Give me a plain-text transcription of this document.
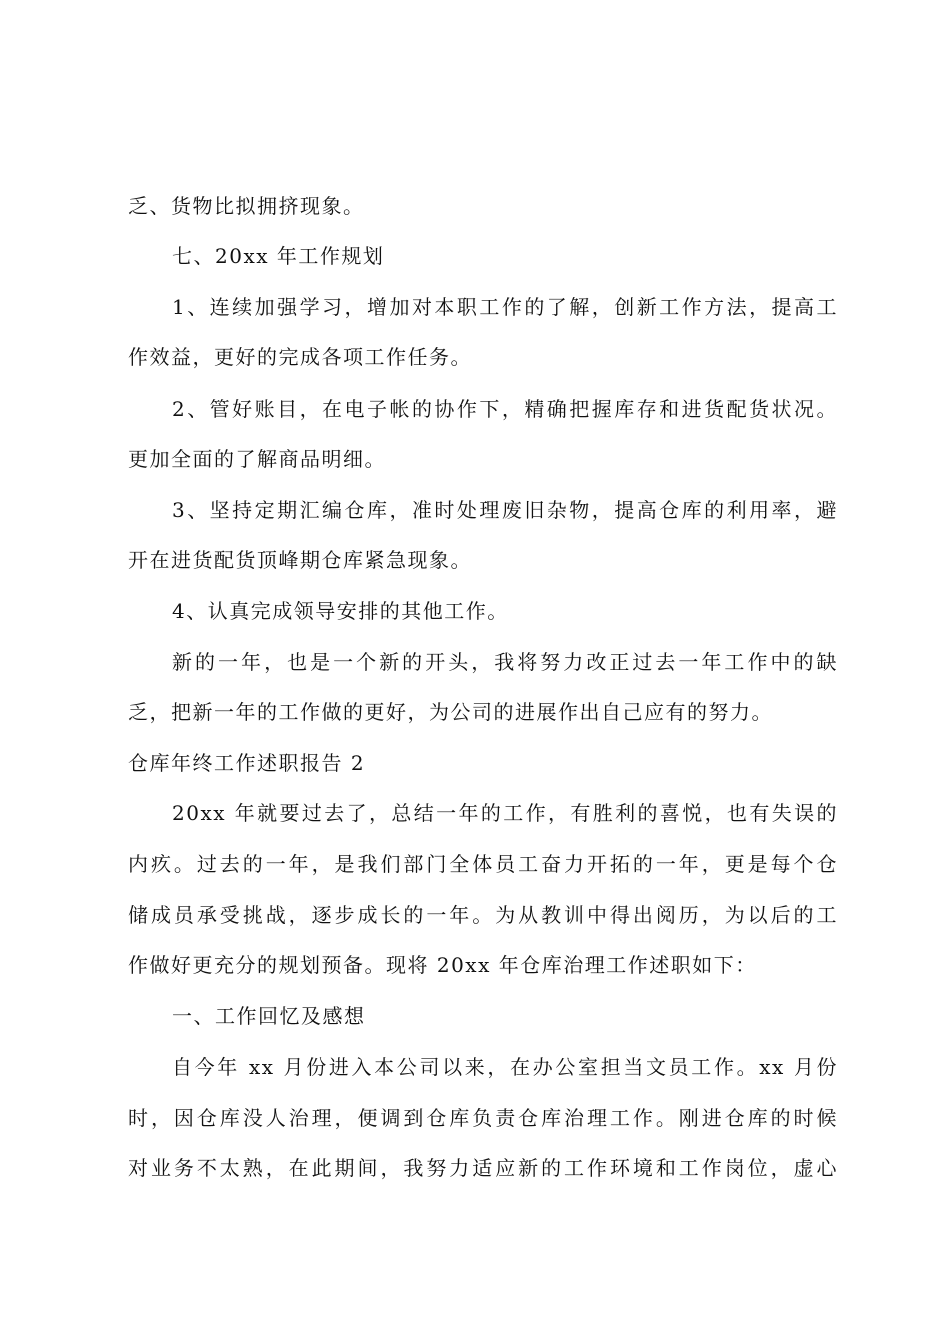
乏、货物比拟拥挤现象。
七、20xx 年工作规划
1、连续加强学习，增加对本职工作的了解，创新工作方法，提高工
作效益，更好的完成各项工作任务。
2、管好账目，在电子帐的协作下，精确把握库存和进货配货状况。
更加全面的了解商品明细。
3、坚持定期汇编仓库，准时处理废旧杂物，提高仓库的利用率，避
开在进货配货顶峰期仓库紧急现象。
4、认真完成领导安排的其他工作。
新的一年，也是一个新的开头，我将努力改正过去一年工作中的缺
乏，把新一年的工作做的更好，为公司的进展作出自己应有的努力。
仓库年终工作述职报告 2
20xx 年就要过去了，总结一年的工作，有胜利的喜悦，也有失误的
内疚。过去的一年，是我们部门全体员工奋力开拓的一年，更是每个仓
储成员承受挑战，逐步成长的一年。为从教训中得出阅历，为以后的工
作做好更充分的规划预备。现将 20xx 年仓库治理工作述职如下：
一、工作回忆及感想
自今年 xx 月份进入本公司以来，在办公室担当文员工作。xx 月份
时，因仓库没人治理，便调到仓库负责仓库治理工作。刚进仓库的时候
对业务不太熟，在此期间，我努力适应新的工作环境和工作岗位，虚心
